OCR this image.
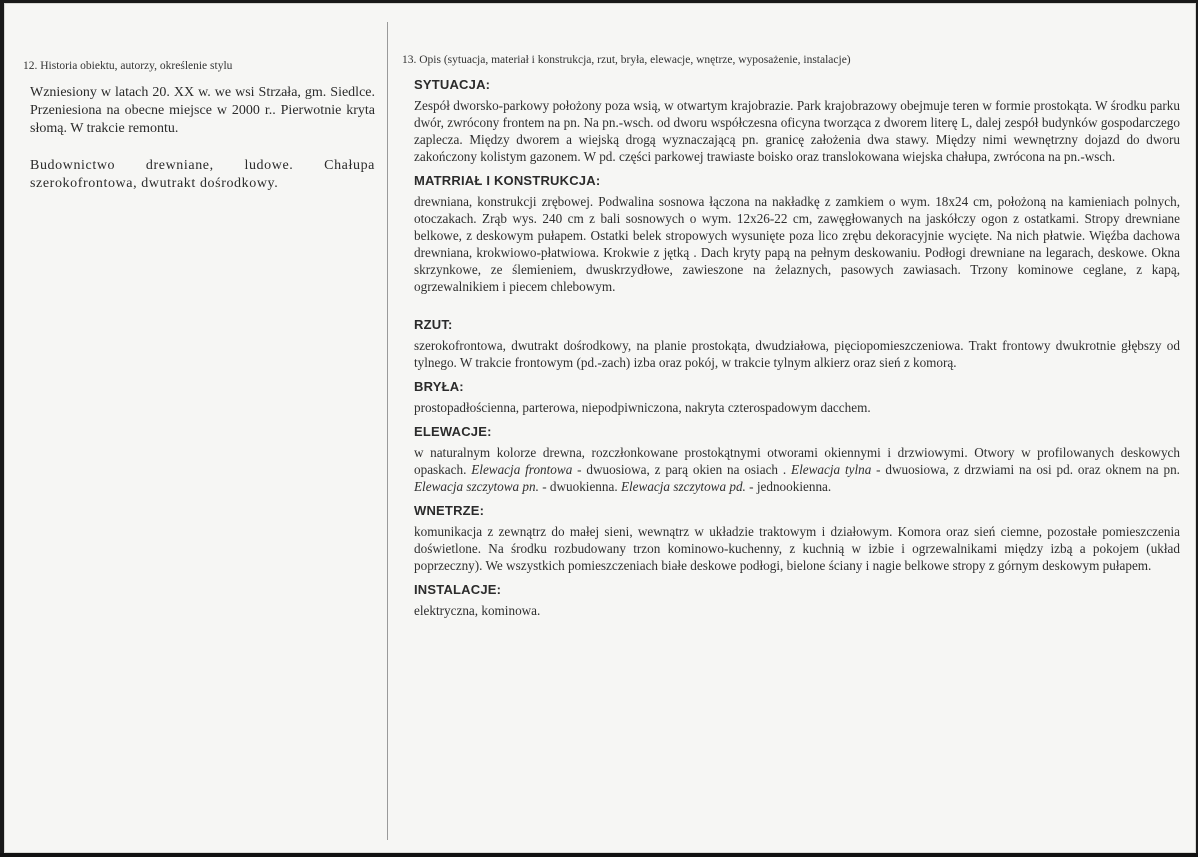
12. Historia obiektu, autorzy, określenie stylu

Wzniesiony w latach 20. XX w. we wsi Strzała, gm. Siedlce. Przeniesiona na obecne miejsce w 2000 r.. Pierwotnie kryta słomą. W trakcie remontu.

Budownictwo drewniane, ludowe. Chałupa szerokofrontowa, dwutrakt dośrodkowy.

13. Opis (sytuacja, materiał i konstrukcja, rzut, bryła, elewacje, wnętrze, wyposażenie, instalacje)
SYTUACJA:

Zespół dworsko-parkowy położony poza wsią, w otwartym krajobrazie. Park krajobrazowy obejmuje teren w formie prostokąta. W środku parku dwór, zwrócony frontem na pn. Na pn.-wsch. od dworu współczesna oficyna tworząca z dworem literę L, dalej zespół budynków gospodarczego zaplecza. Między dworem a wiejską drogą wyznaczającą pn. granicę założenia dwa stawy. Między nimi wewnętrzny dojazd do dworu zakończony kolistym gazonem. W pd. części parkowej trawiaste boisko oraz translokowana wiejska chałupa, zwrócona na pn.-wsch.

MATRRIAŁ I KONSTRUKCJA:

drewniana, konstrukcji zrębowej. Podwalina sosnowa łączona na nakładkę z zamkiem o wym. 18x24 cm, położoną na kamieniach polnych, otoczakach. Zrąb wys. 240 cm z bali sosnowych o wym. 12x26-22 cm, zawęgłowanych na jaskółczy ogon z ostatkami. Stropy drewniane belkowe, z deskowym pułapem. Ostatki belek stropowych wysunięte poza lico zrębu dekoracyjnie wycięte. Na nich płatwie. Więźba dachowa drewniana, krokwiowo-płatwiowa. Krokwie z jętką . Dach kryty papą na pełnym deskowaniu. Podłogi drewniane na legarach, deskowe. Okna skrzynkowe, ze ślemieniem, dwuskrzydłowe, zawieszone na żelaznych, pasowych zawiasach. Trzony kominowe ceglane, z kapą, ogrzewalnikiem i piecem chlebowym.

RZUT:

szerokofrontowa, dwutrakt dośrodkowy, na planie prostokąta, dwudziałowa, pięciopomieszczeniowa. Trakt frontowy dwukrotnie głębszy od tylnego. W trakcie frontowym (pd.-zach) izba oraz pokój, w trakcie tylnym alkierz oraz sień z komorą.

BRYŁA:

prostopadłościenna, parterowa, niepodpiwniczona, nakryta czterospadowym dacchem.

ELEWACJE:

w naturalnym kolorze drewna, rozczłonkowane prostokątnymi otworami okiennymi i drzwiowymi. Otwory w profilowanych deskowych opaskach. Elewacja frontowa - dwuosiowa, z parą okien na osiach . Elewacja tylna - dwuosiowa, z drzwiami na osi pd. oraz oknem na pn. Elewacja szczytowa pn. - dwuokienna. Elewacja szczytowa pd. - jednookienna.

WNETRZE:

komunikacja z zewnątrz do małej sieni, wewnątrz w układzie traktowym i działowym. Komora oraz sień ciemne, pozostałe pomieszczenia doświetlone. Na środku rozbudowany trzon kominowo-kuchenny, z kuchnią w izbie i ogrzewalnikami między izbą a pokojem (układ poprzeczny). We wszystkich pomieszczeniach białe deskowe podłogi, bielone ściany i nagie belkowe stropy z górnym deskowym pułapem.

INSTALACJE:

elektryczna, kominowa.
